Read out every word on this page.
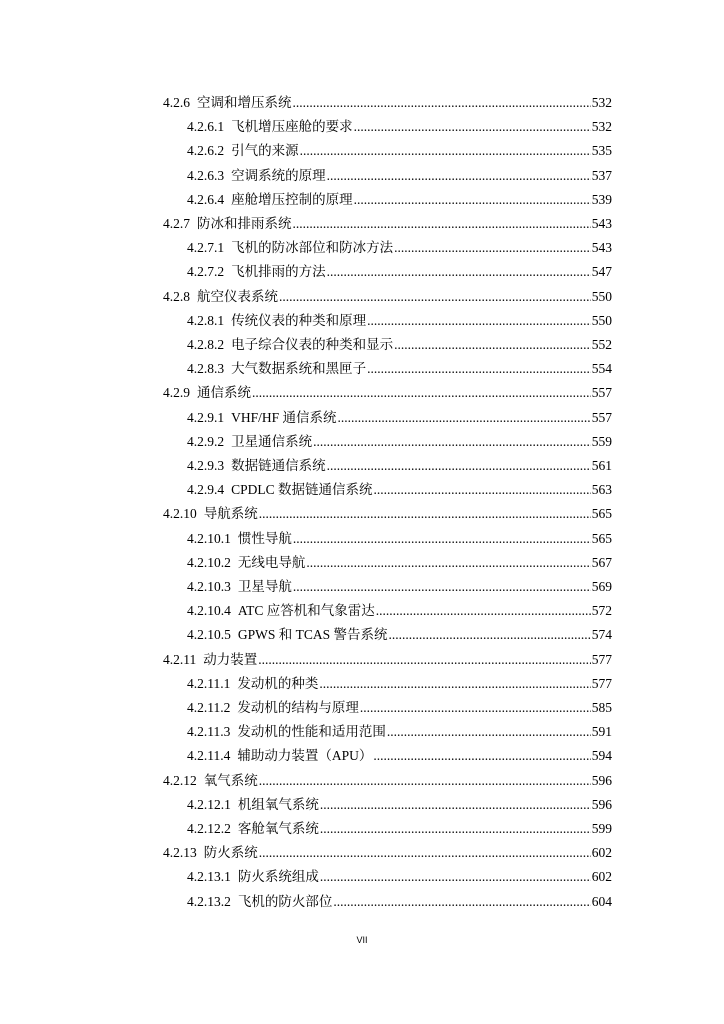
4.2.6 空调和增压系统 .....	532
4.2.6.1 飞机增压座舱的要求 .....	532
4.2.6.2 引气的来源 .....	535
4.2.6.3 空调系统的原理 .....	537
4.2.6.4 座舱增压控制的原理 .....	539
4.2.7 防冰和排雨系统 .....	543
4.2.7.1 飞机的防冰部位和防冰方法 .....	543
4.2.7.2 飞机排雨的方法 .....	547
4.2.8 航空仪表系统 .....	550
4.2.8.1 传统仪表的种类和原理 .....	550
4.2.8.2 电子综合仪表的种类和显示 .....	552
4.2.8.3 大气数据系统和黑匣子 .....	554
4.2.9 通信系统 .....	557
4.2.9.1 VHF/HF 通信系统 .....	557
4.2.9.2 卫星通信系统 .....	559
4.2.9.3 数据链通信系统 .....	561
4.2.9.4 CPDLC 数据链通信系统 .....	563
4.2.10 导航系统 .....	565
4.2.10.1 惯性导航 .....	565
4.2.10.2 无线电导航 .....	567
4.2.10.3 卫星导航 .....	569
4.2.10.4 ATC 应答机和气象雷达 .....	572
4.2.10.5 GPWS 和 TCAS 警告系统 .....	574
4.2.11 动力装置 .....	577
4.2.11.1 发动机的种类 .....	577
4.2.11.2 发动机的结构与原理 .....	585
4.2.11.3 发动机的性能和适用范围 .....	591
4.2.11.4 辅助动力装置（APU） .....	594
4.2.12 氧气系统 .....	596
4.2.12.1 机组氧气系统 .....	596
4.2.12.2 客舱氧气系统 .....	599
4.2.13 防火系统 .....	602
4.2.13.1 防火系统组成 .....	602
4.2.13.2 飞机的防火部位 .....	604
VII
